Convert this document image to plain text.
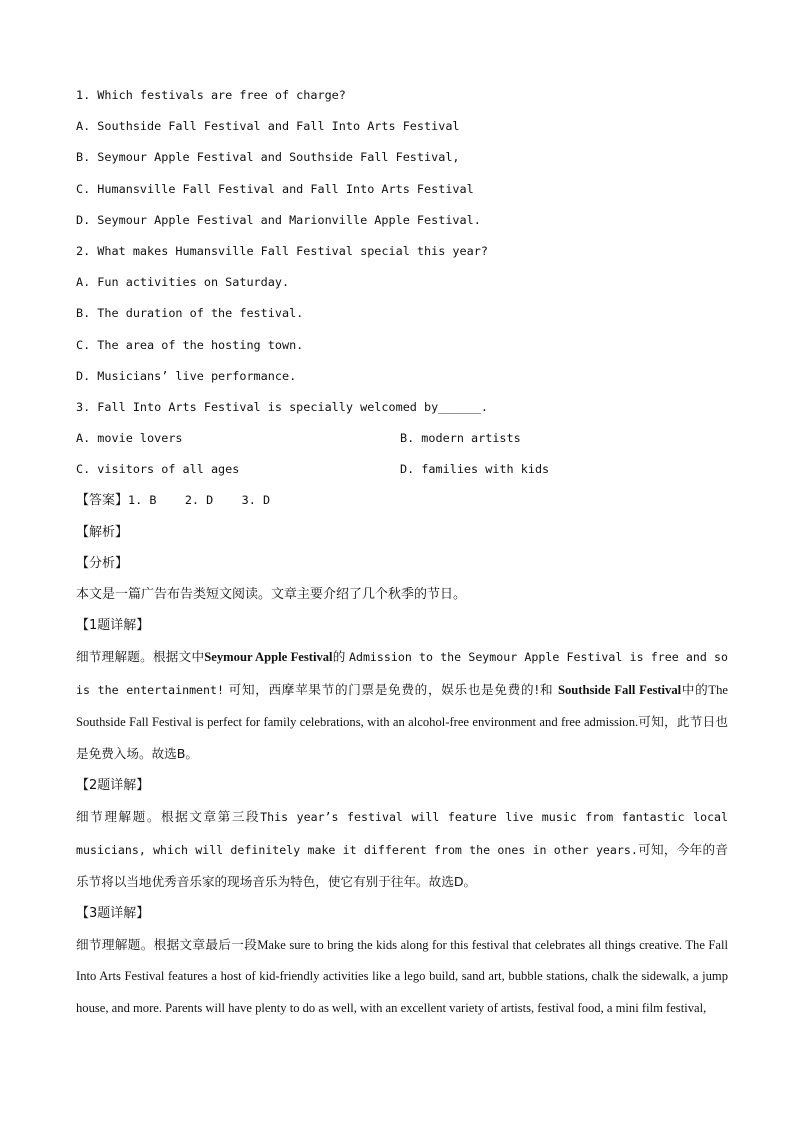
1. Which festivals are free of charge?
A. Southside Fall Festival and Fall Into Arts Festival
B. Seymour Apple Festival and Southside Fall Festival,
C. Humansville Fall Festival and Fall Into Arts Festival
D. Seymour Apple Festival and Marionville Apple Festival.
2. What makes Humansville Fall Festival special this year?
A. Fun activities on Saturday.
B. The duration of the festival.
C. The area of the hosting town.
D. Musicians’ live performance.
3. Fall Into Arts Festival is specially welcomed by______.
A. movie lovers	B. modern artists
C. visitors of all ages	D. families with kids
【答案】1. B    2. D    3. D
【解析】
【分析】
本文是一篇广告布告类短文阅读。文章主要介绍了几个秋季的节日。
【1题详解】

细节理解题。根据文中Seymour Apple Festival的 Admission to the Seymour Apple Festival is free and so is the entertainment! 可知，西摩苹果节的门票是免费的，娱乐也是免费的!和 Southside Fall Festival中的The Southside Fall Festival is perfect for family celebrations, with an alcohol-free environment and free admission.可知，此节日也是免费入场。故选B。

【2题详解】

细节理解题。根据文章第三段This year’s festival will feature live music from fantastic local musicians, which will definitely make it different from the ones in other years.可知，今年的音乐节将以当地优秀音乐家的现场音乐为特色，使它有别于往年。故选D。

【3题详解】

细节理解题。根据文章最后一段Make sure to bring the kids along for this festival that celebrates all things creative. The Fall Into Arts Festival features a host of kid-friendly activities like a lego build, sand art, bubble stations, chalk the sidewalk, a jump house, and more. Parents will have plenty to do as well, with an excellent variety of artists, festival food, a mini film festival,
